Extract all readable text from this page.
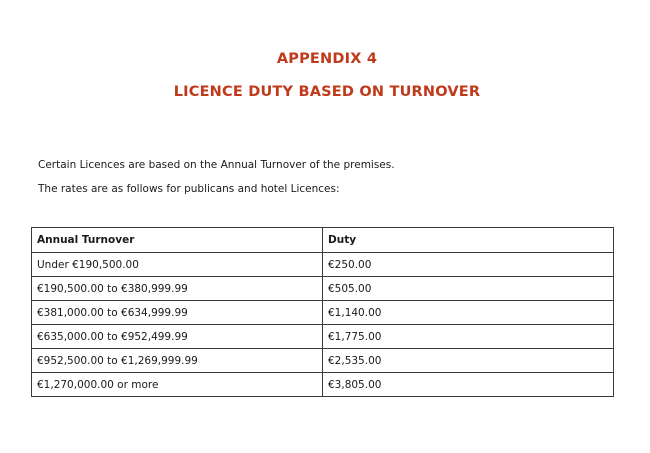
APPENDIX 4
LICENCE DUTY BASED ON TURNOVER
Certain Licences are based on the Annual Turnover of the premises.
The rates are as follows for publicans and hotel Licences:
Annual Turnover	Duty
Under €190,500.00	€250.00
€190,500.00 to €380,999.99	€505.00
€381,000.00 to €634,999.99	€1,140.00
€635,000.00 to €952,499.99	€1,775.00
€952,500.00 to €1,269,999.99	€2,535.00
€1,270,000.00 or more	€3,805.00
